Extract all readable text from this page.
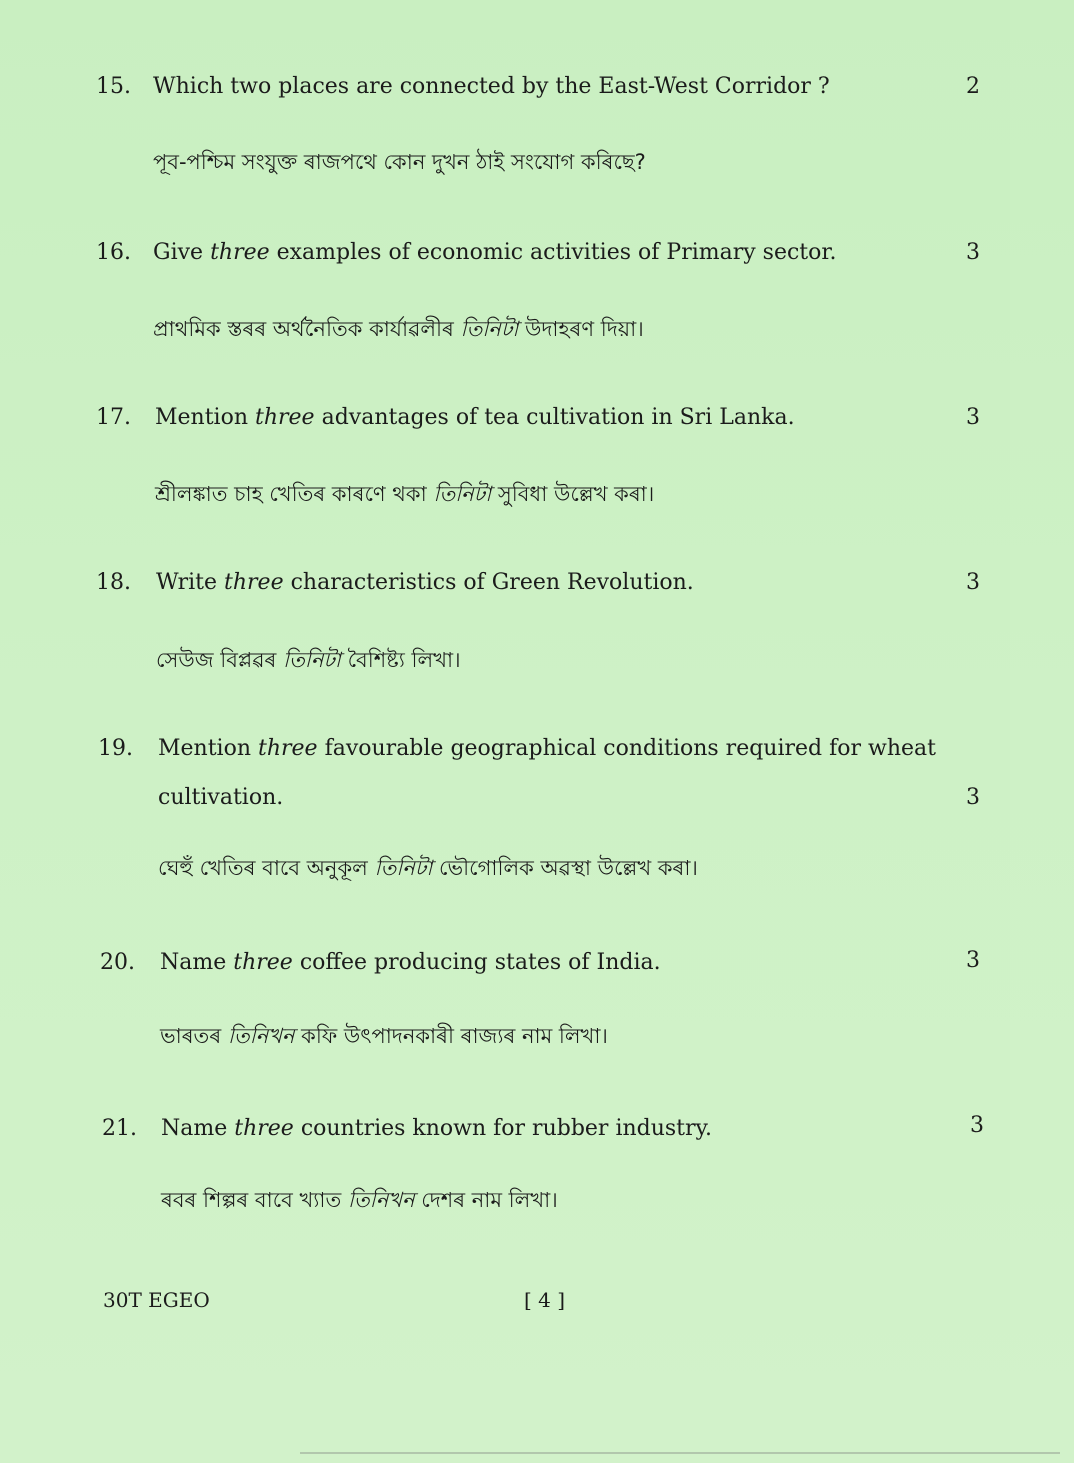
15. Which two places are connected by the East-West Corridor ?	2
পূব-পশ্চিম সংযুক্ত ৰাজপথে কোন দুখন ঠাই সংযোগ কৰিছে?
16. Give three examples of economic activities of Primary sector.	3
প্ৰাথমিক স্তৰৰ অৰ্থনৈতিক কাৰ্যাৱলীৰ তিনিটা উদাহৰণ দিয়া।
17. Mention three advantages of tea cultivation in Sri Lanka.	3
শ্ৰীলঙ্কাত চাহ খেতিৰ কাৰণে থকা তিনিটা সুবিধা উল্লেখ কৰা।
18. Write three characteristics of Green Revolution.	3
সেউজ বিপ্লৱৰ তিনিটা বৈশিষ্ট্য লিখা।
19. Mention three favourable geographical conditions required for wheat
cultivation.	3
ঘেহুঁ খেতিৰ বাবে অনুকূল তিনিটা ভৌগোলিক অৱস্থা উল্লেখ কৰা।
20. Name three coffee producing states of India.	3
ভাৰতৰ তিনিখন কফি উৎপাদনকাৰী ৰাজ্যৰ নাম লিখা।
21. Name three countries known for rubber industry.	3
ৰবৰ শিল্পৰ বাবে খ্যাত তিনিখন দেশৰ নাম লিখা।
30T EGEO	[ 4 ]
